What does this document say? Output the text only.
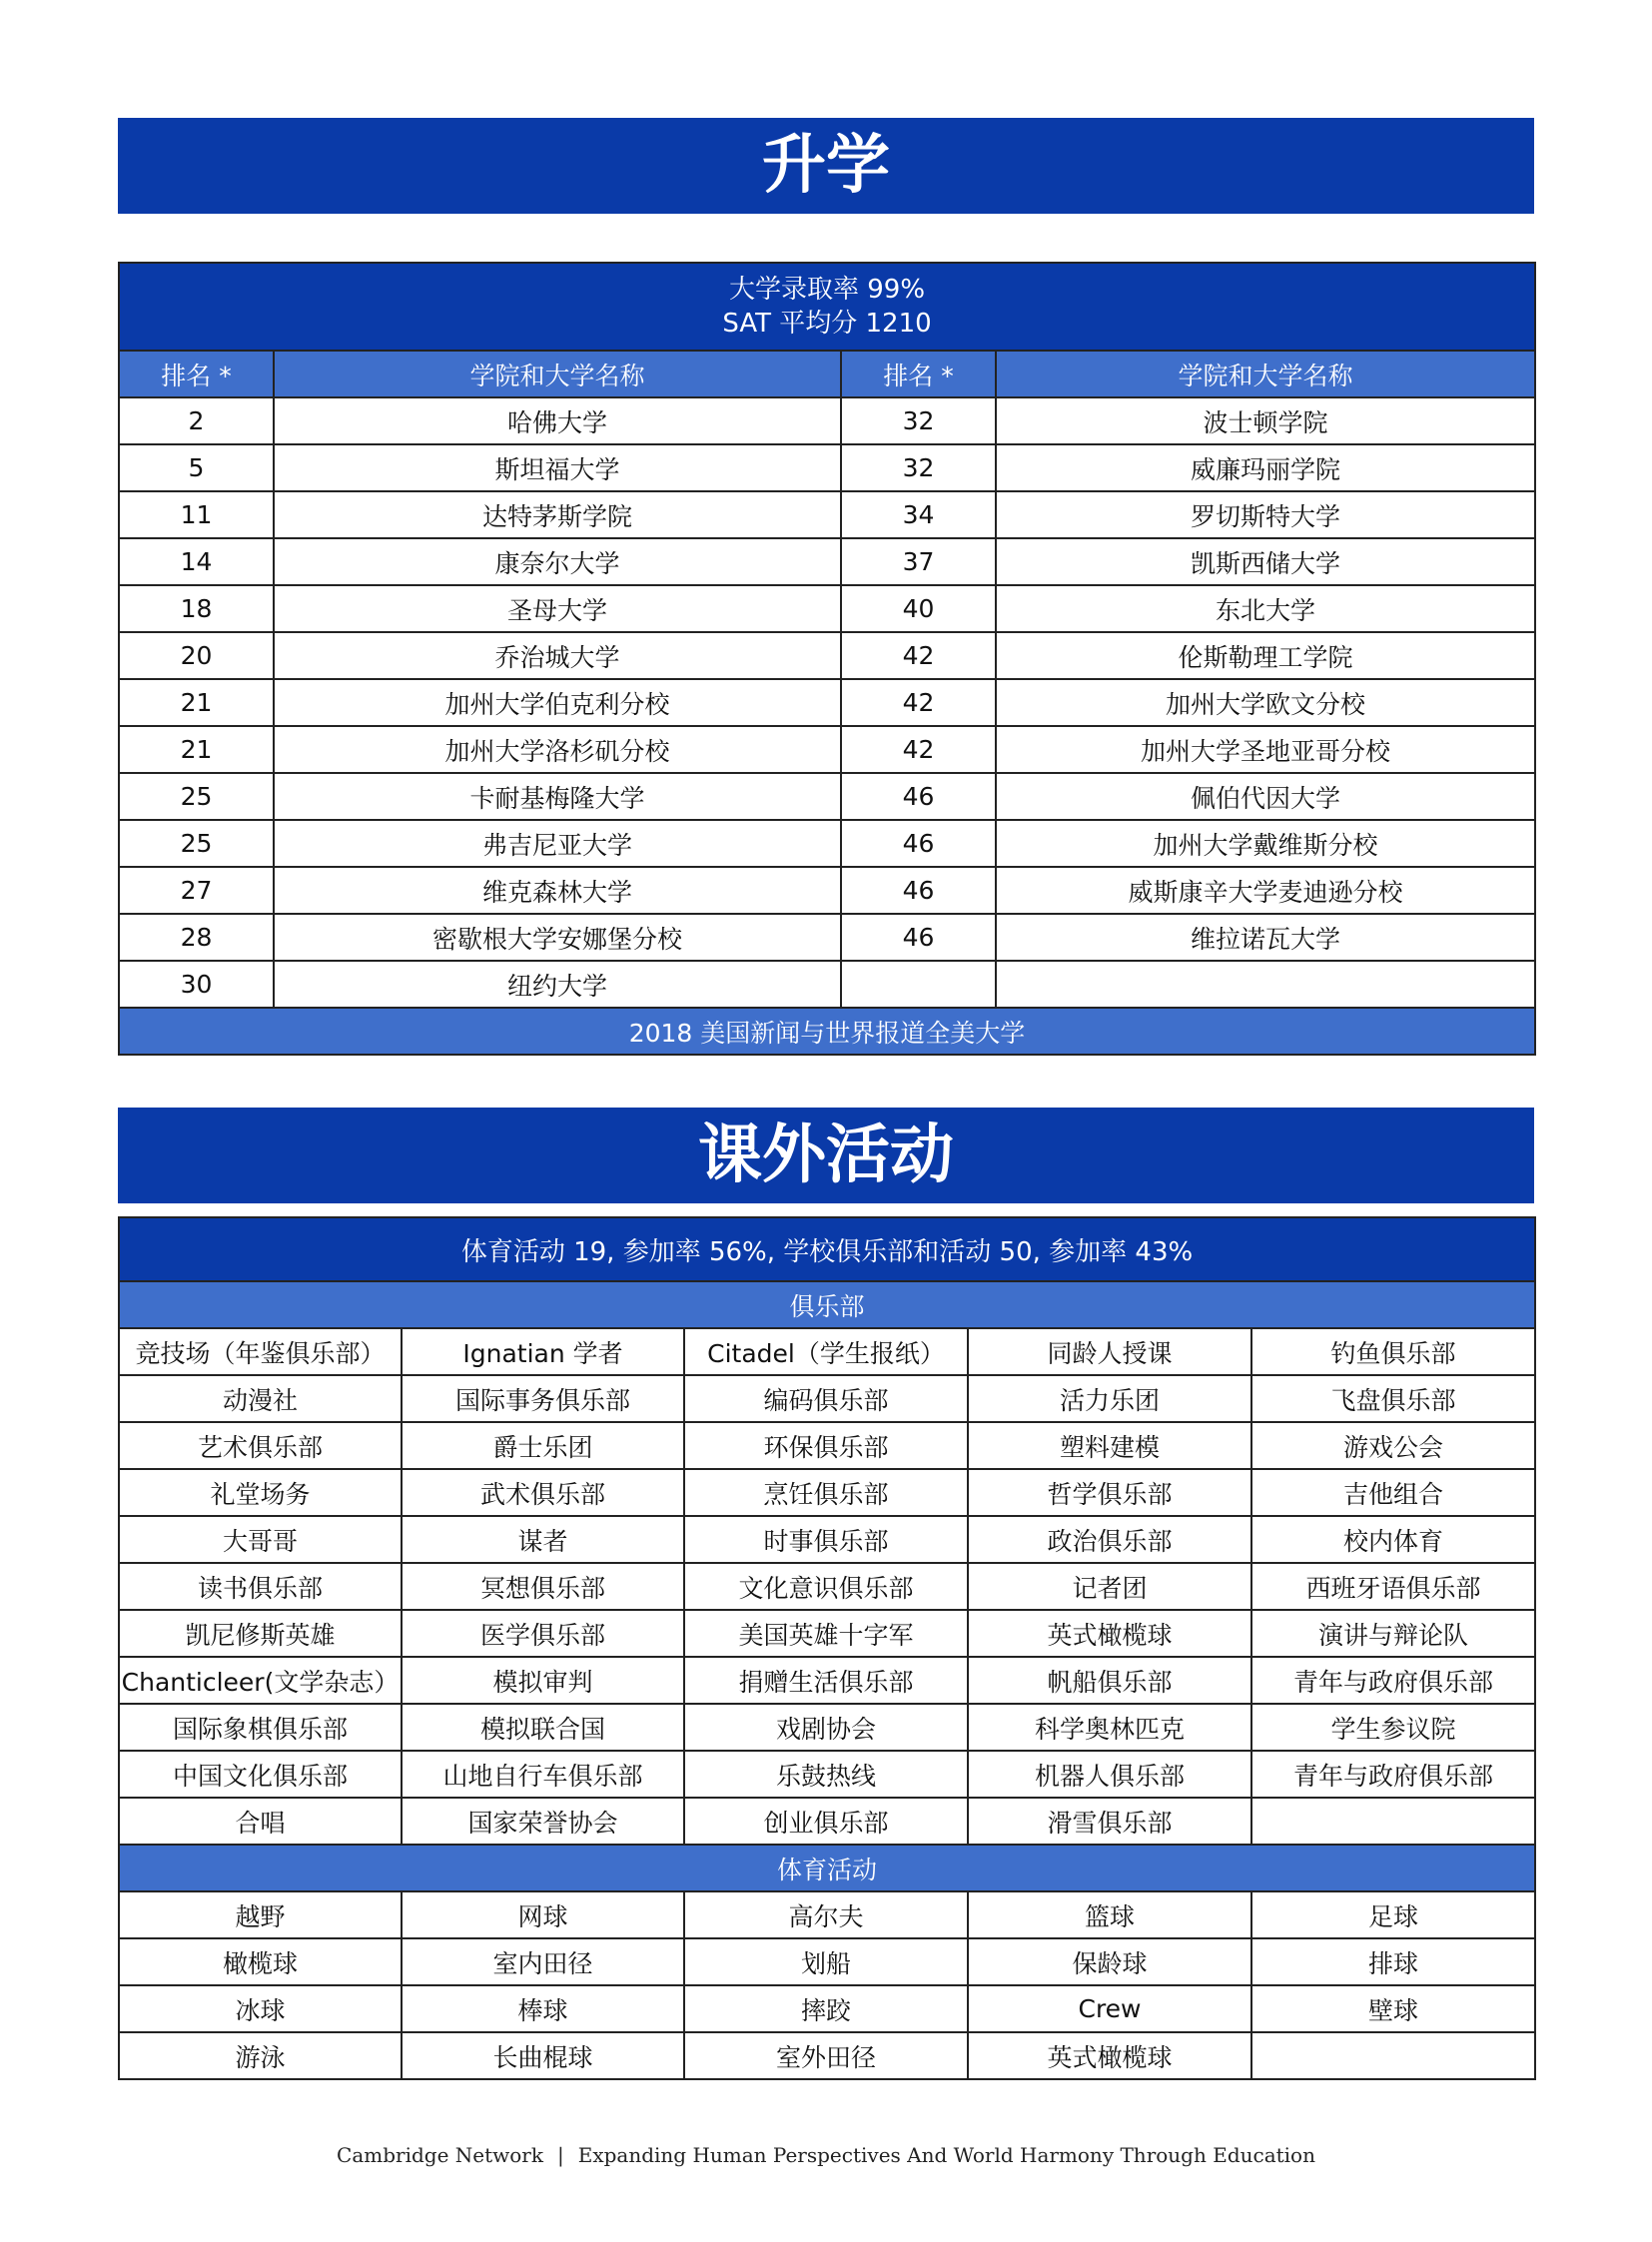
升学
大学录取率 99%
SAT 平均分 1210			

排名 *	学院和大学名称	排名 *	学院和大学名称
2	哈佛大学	32	波士顿学院
5	斯坦福大学	32	威廉玛丽学院
11	达特茅斯学院	34	罗切斯特大学
14	康奈尔大学	37	凯斯西储大学
18	圣母大学	40	东北大学
20	乔治城大学	42	伦斯勒理工学院
21	加州大学伯克利分校	42	加州大学欧文分校
21	加州大学洛杉矶分校	42	加州大学圣地亚哥分校
25	卡耐基梅隆大学	46	佩伯代因大学
25	弗吉尼亚大学	46	加州大学戴维斯分校
27	维克森林大学	46	威斯康辛大学麦迪逊分校
28	密歇根大学安娜堡分校	46	维拉诺瓦大学
30	纽约大学		
2018 美国新闻与世界报道全美大学			
课外活动
体育活动 19, 参加率 56%, 学校俱乐部和活动 50, 参加率 43%				
俱乐部				
竞技场（年鉴俱乐部）	Ignatian 学者	Citadel（学生报纸）	同龄人授课	钓鱼俱乐部
动漫社	国际事务俱乐部	编码俱乐部	活力乐团	飞盘俱乐部
艺术俱乐部	爵士乐团	环保俱乐部	塑料建模	游戏公会
礼堂场务	武术俱乐部	烹饪俱乐部	哲学俱乐部	吉他组合
大哥哥	谋者	时事俱乐部	政治俱乐部	校内体育
读书俱乐部	冥想俱乐部	文化意识俱乐部	记者团	西班牙语俱乐部
凯尼修斯英雄	医学俱乐部	美国英雄十字军	英式橄榄球	演讲与辩论队
Chanticleer(文学杂志）	模拟审判	捐赠生活俱乐部	帆船俱乐部	青年与政府俱乐部
国际象棋俱乐部	模拟联合国	戏剧协会	科学奥林匹克	学生参议院
中国文化俱乐部	山地自行车俱乐部	乐鼓热线	机器人俱乐部	青年与政府俱乐部
合唱	国家荣誉协会	创业俱乐部	滑雪俱乐部	
体育活动				
越野	网球	高尔夫	篮球	足球
橄榄球	室内田径	划船	保龄球	排球
冰球	棒球	摔跤	Crew	壁球
游泳	长曲棍球	室外田径	英式橄榄球	
Cambridge Network | Expanding Human Perspectives And World Harmony Through Education
